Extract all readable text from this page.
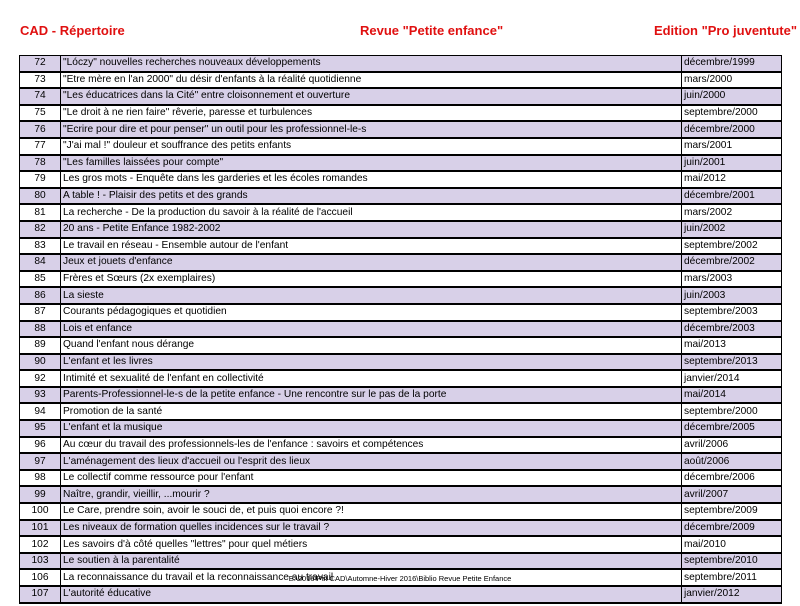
CAD - Répertoire	Revue "Petite enfance"	Edition "Pro juventute"
72	"Lóczy" nouvelles recherches nouveaux développements	décembre/1999
73	"Etre mère en l'an 2000" du désir d'enfants à la réalité quotidienne	mars/2000
74	"Les éducatrices dans la Cité" entre cloisonnement et ouverture	juin/2000
75	"Le droit à ne rien faire" rêverie, paresse et turbulences	septembre/2000
76	"Ecrire pour dire et pour penser" un outil pour les professionnel-le-s	décembre/2000
77	"J'ai mal !" douleur et souffrance des petits enfants	mars/2001
78	"Les familles laissées pour compte"	juin/2001
79	Les gros mots - Enquête dans les garderies et les écoles romandes	mai/2012
80	A table ! - Plaisir des petits et des grands	décembre/2001
81	La recherche - De la production du savoir à la réalité de l'accueil	mars/2002
82	20 ans - Petite Enfance 1982-2002	juin/2002
83	Le travail en réseau - Ensemble autour de l'enfant	septembre/2002
84	Jeux et jouets d'enfance	décembre/2002
85	Frères et Sœurs (2x exemplaires)	mars/2003
86	La sieste	juin/2003
87	Courants pédagogiques et quotidien	septembre/2003
88	Lois et enfance	décembre/2003
89	Quand l'enfant nous dérange	mai/2013
90	L'enfant et les livres	septembre/2013
92	Intimité et sexualité de l'enfant en collectivité	janvier/2014
93	Parents-Professionnel-le-s de la petite enfance - Une rencontre sur le pas de la porte	mai/2014
94	Promotion de la santé	septembre/2000
95	L'enfant et la musique	décembre/2005
96	Au cœur du travail des professionnels-les de l'enfance : savoirs et compétences	avril/2006
97	L'aménagement des lieux d'accueil ou l'esprit des lieux	août/2006
98	Le collectif comme ressource pour l'enfant	décembre/2006
99	Naître, grandir, vieillir, ...mourir ?	avril/2007
100	Le Care, prendre soin, avoir le souci de, et puis quoi encore ?!	septembre/2009
101	Les niveaux de formation quelles incidences sur le travail ?	décembre/2009
102	Les savoirs d'à côté quelles "lettres" pour quel métiers	mai/2010
103	Le soutien à la parentalité	septembre/2010
106	La reconnaissance du travail et la reconnaissance au travail	septembre/2011
107	L'autorité éducative	janvier/2012
E:\2016\Ptit CAD\Automne-Hiver 2016\Biblio Revue Petite Enfance
